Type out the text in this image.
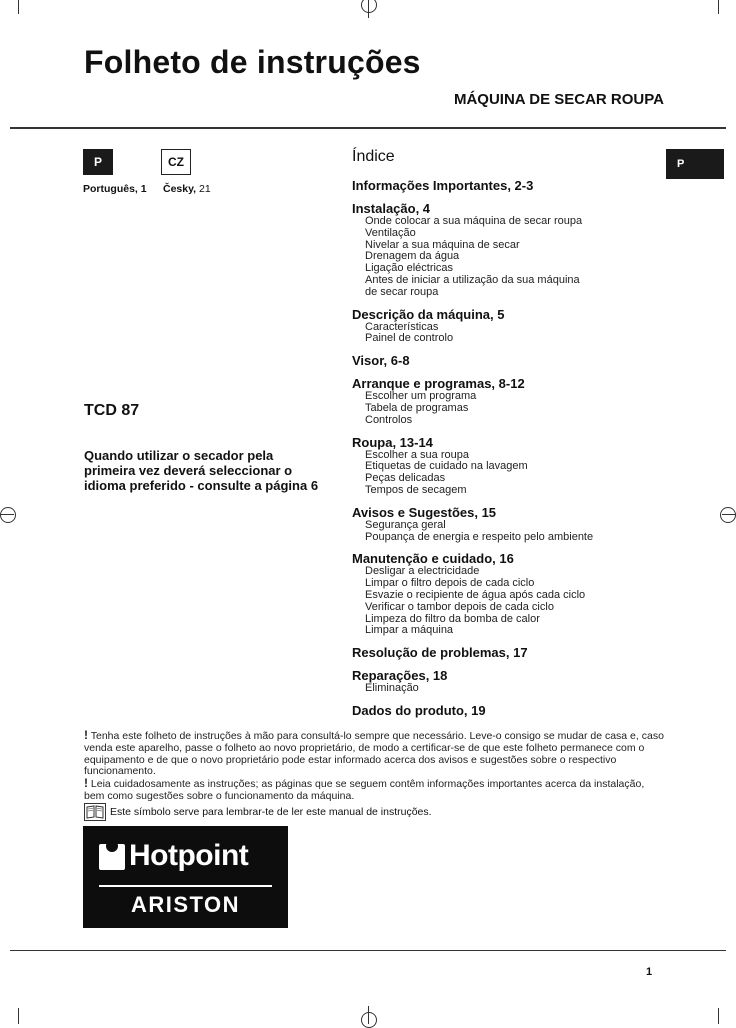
Folheto de instruções
MÁQUINA DE SECAR ROUPA
P	CZ
Português, 1 Česky, 21
P
TCD 87
Quando utilizar o secador pela primeira vez deverá seleccionar o idioma preferido - consulte a página 6
Índice
Informações Importantes, 2-3
Instalação, 4
Onde colocar a sua máquina de secar roupa
Ventilação
Nivelar a sua máquina de secar
Drenagem da água
Ligação eléctricas
Antes de iniciar a utilização da sua máquina
de secar roupa
Descrição da máquina, 5
Características
Painel de controlo
Visor, 6-8
Arranque e programas, 8-12
Escolher um programa
Tabela de programas
Controlos
Roupa, 13-14
Escolher a sua roupa
Etiquetas de cuidado na lavagem
Peças delicadas
Tempos de secagem
Avisos e Sugestões, 15
Segurança geral
Poupança de energia e respeito pelo ambiente
Manutenção e cuidado, 16
Desligar a electricidade
Limpar o filtro depois de cada ciclo
Esvazie o recipiente de água após cada ciclo
Verificar o tambor depois de cada ciclo
Limpeza do filtro da bomba de calor
Limpar a máquina
Resolução de problemas, 17
Reparações, 18
Eliminação
Dados do produto, 19
! Tenha este folheto de instruções à mão para consultá-lo sempre que necessário. Leve-o consigo se mudar de casa e, caso venda este aparelho, passe o folheto ao novo proprietário, de modo a certificar-se de que este folheto permanece com o equipamento e de que o novo proprietário pode estar informado acerca dos avisos e sugestões sobre o respectivo funcionamento.
! Leia cuidadosamente as instruções; as páginas que se seguem contêm informações importantes acerca da instalação, bem como sugestões sobre o funcionamento da máquina.
Este símbolo serve para lembrar-te de ler este manual de instruções.
Hotpoint
ARISTON
1
